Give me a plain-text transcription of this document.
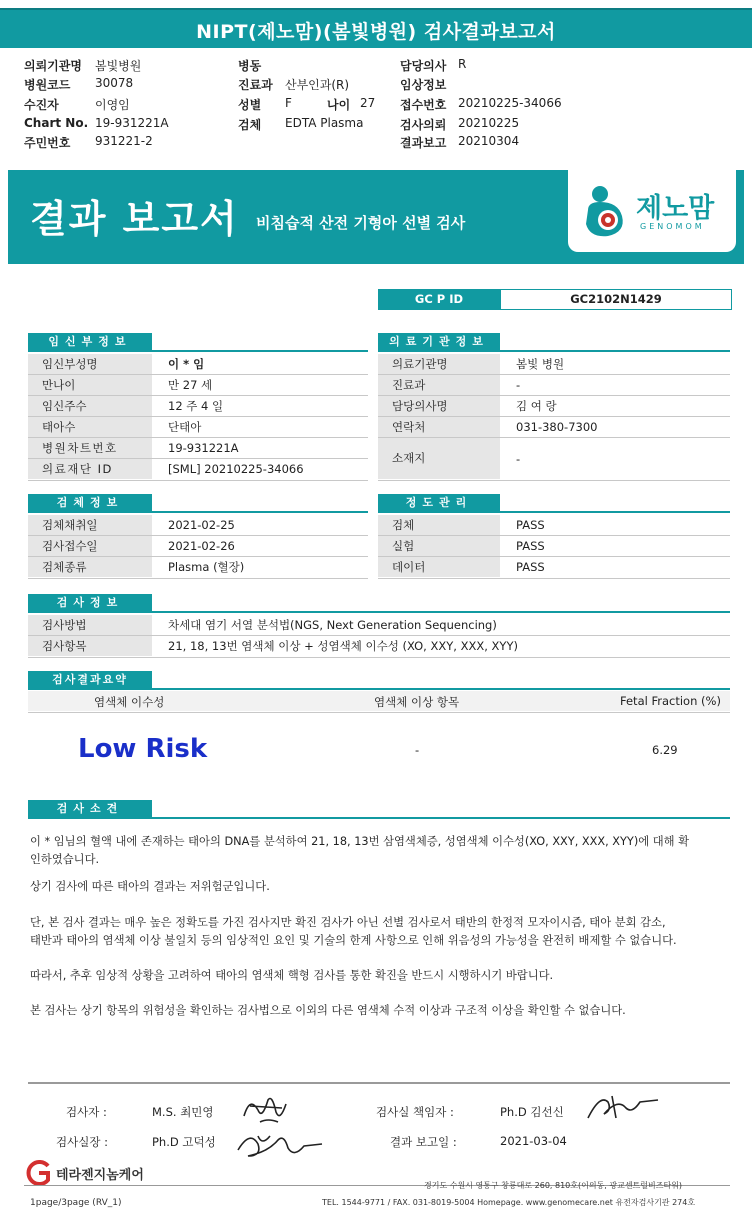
NIPT(제노맘)(봄빛병원) 검사결과보고서
의뢰기관명 봄빛병원
병원코드 30078
수진자	이영임
Chart No. 19-931221A
주민번호 931221-2
병동
진료과 산부인과(R)
성별 F	나이 27
검체 EDTA Plasma
담당의사 R
임상정보
접수번호 20210225-34066
검사의뢰 20210225
결과보고 20210304
결과 보고서 비침습적 산전 기형아 선별 검사	제노맘
GENOMOM
GC P ID	GC2102N1429
임신부정보
임신부성명	이 * 임
만나이	만 27 세
임신주수	12 주 4 일
태아수	단태아
병원차트번호	19-931221A
의료재단 ID	[SML] 20210225-34066
의료기관정보
의료기관명	봄빛 병원
진료과	-
담당의사명	김 여 랑
연락처	031-380-7300
소재지	-
검체정보
검체채취일	2021-02-25
검사접수일	2021-02-26
검체종류	Plasma (혈장)
정도관리
검체	PASS
실험	PASS
데이터	PASS
검사정보
검사방법	차세대 염기 서열 분석법(NGS, Next Generation Sequencing)
검사항목	21, 18, 13번 염색체 이상 + 성염색체 이수성 (XO, XXY, XXX, XYY)
검사결과요약
염색체 이수성	염색체 이상 항목	Fetal Fraction (%)
Low Risk	-	6.29
검사소견
이 * 임님의 혈액 내에 존재하는 태아의 DNA를 분석하여 21, 18, 13번 삼염색체증, 성염색체 이수성(XO, XXY, XXX, XYY)에 대해 확
인하였습니다.
상기 검사에 따른 태아의 결과는 저위험군입니다.
단, 본 검사 결과는 매우 높은 정확도를 가진 검사지만 확진 검사가 아닌 선별 검사로서 태반의 한정적 모자이시즘, 태아 분회 감소,
태반과 태아의 염색체 이상 불일치 등의 임상적인 요인 및 기술의 한계 사항으로 인해 위음성의 가능성을 완전히 배제할 수 없습니다.
따라서, 추후 임상적 상황을 고려하여 태아의 염색체 핵형 검사를 통한 확진을 반드시 시행하시기 바랍니다.
본 검사는 상기 항목의 위험성을 확인하는 검사법으로 이외의 다른 염색체 수적 이상과 구조적 이상을 확인할 수 없습니다.
검사자 :	M.S. 최민영	검사실 책임자 :	Ph.D 김선신
검사실장 :	Ph.D 고덕성	결과 보고일 :	2021-03-04
테라젠지놈케어
경기도 수원시 영통구 창룡대로 260, 810호(이의동, 광교센트럴비즈타워)
TEL. 1544-9771 / FAX. 031-8019-5004 Homepage. www.genomecare.net 유전자검사기관 274호
1page/3page (RV_1)
